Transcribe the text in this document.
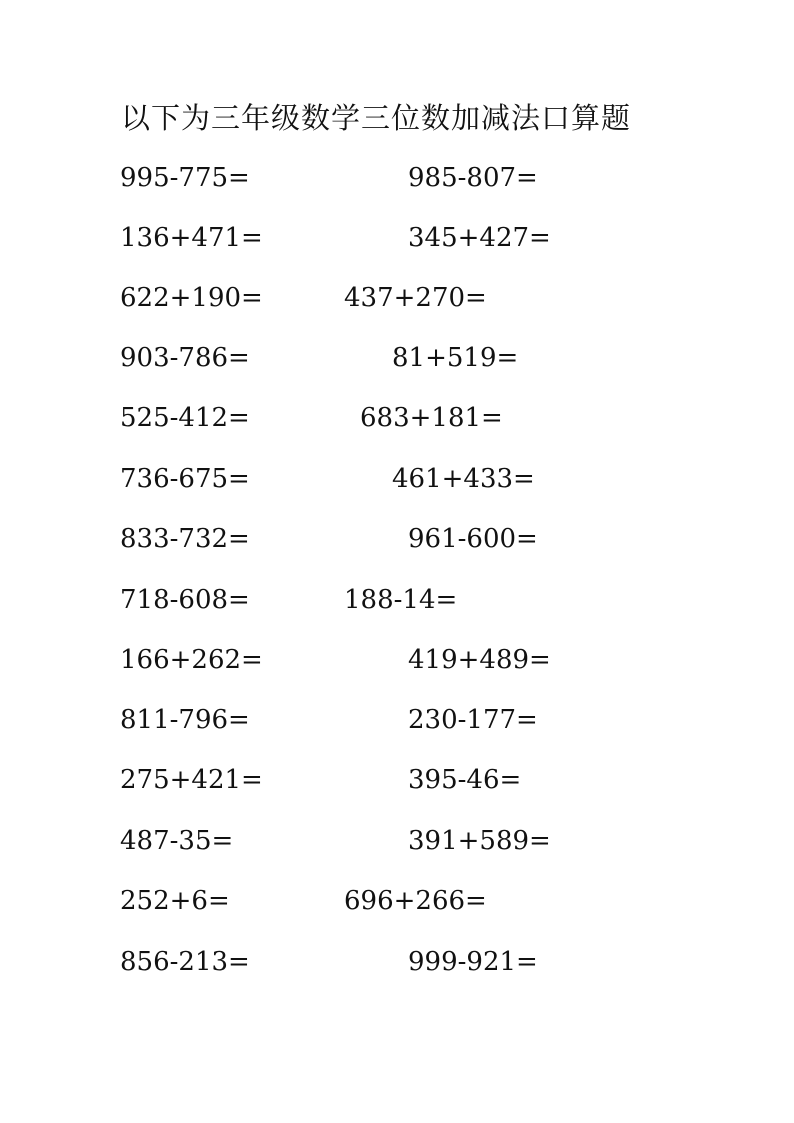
以下为三年级数学三位数加减法口算题
995-775=	985-807=
136+471=	345+427=
622+190=	437+270=
903-786=	81+519=
525-412=	683+181=
736-675=	461+433=
833-732=	961-600=
718-608=	188-14=
166+262=	419+489=
811-796=	230-177=
275+421=	395-46=
487-35=	391+589=
252+6=	696+266=
856-213=	999-921=
